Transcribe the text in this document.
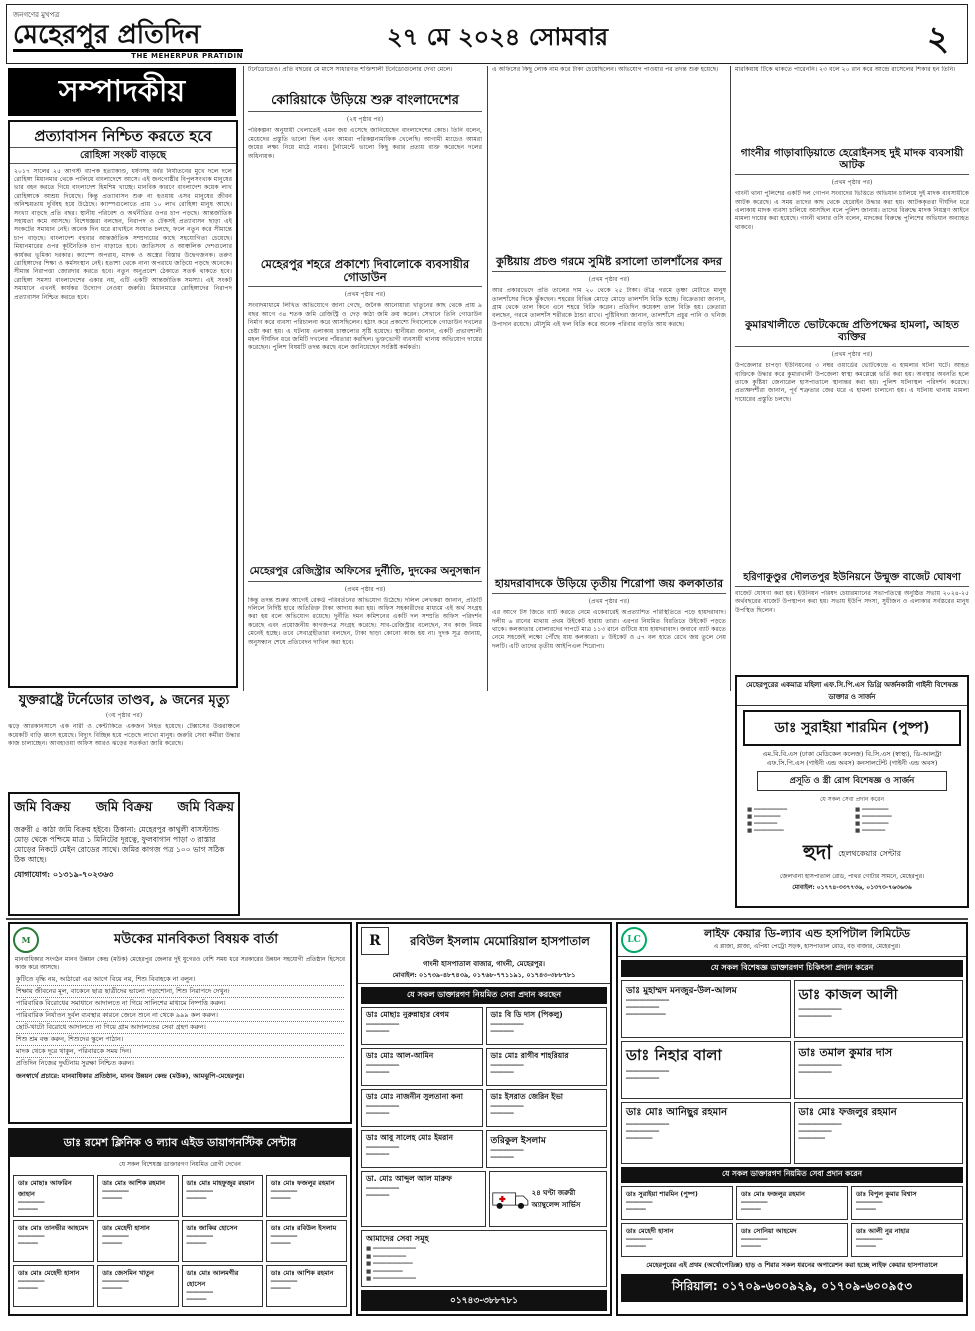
জনগণের মুখপত্র
মেহেরপুর প্রতিদিন
THE MEHERPUR PRATIDIN
২৭ মে ২০২৪ সোমবার	২
সম্পাদকীয়
প্রত্যাবাসন নিশ্চিত করতে হবে
রোহিঙ্গা সংকট বাড়ছে
২০১৭ সালের ২৫ আগস্ট ব্যাপক হত্যাকাণ্ড, ধর্ষণসহ বর্বর নির্যাতনের মুখে দলে দলে রোহিঙ্গা মিয়ানমার থেকে পালিয়ে বাংলাদেশে আসে। এই জনগোষ্ঠীর বিপুলসংখ্যক মানুষের ভার বহন করতে গিয়ে বাংলাদেশ হিমশিম খাচ্ছে। মানবিক কারণে বাংলাদেশ কয়েক লাখ রোহিঙ্গাকে আশ্রয় দিয়েছে। কিন্তু প্রত্যাবাসন শুরু না হওয়ায় এসব মানুষের জীবন অনিশ্চয়তায় দুর্বিষহ হয়ে উঠেছে। ক্যাম্পগুলোতে প্রায় ১০ লাখ রোহিঙ্গা মানুষ আছে। সংখ্যা বাড়ছে প্রতি বছর। স্থানীয় পরিবেশ ও অর্থনীতির ওপর চাপ পড়ছে। আন্তর্জাতিক সহায়তা কমে আসছে। বিশেষজ্ঞরা বলছেন, নিরাপদ ও টেকসই প্রত্যাবাসন ছাড়া এই সংকটের সমাধান নেই। অনেক দিন ধরে রাখাইনে সংঘাত চলছে, ফলে নতুন করে সীমান্তে চাপ বাড়ছে। বাংলাদেশ বহুবার আন্তর্জাতিক সম্প্রদায়ের কাছে সহযোগিতা চেয়েছে। মিয়ানমারের ওপর কূটনৈতিক চাপ বাড়াতে হবে। জাতিসংঘ ও আঞ্চলিক দেশগুলোর কার্যকর ভূমিকা দরকার। ক্যাম্পে অপরাধ, মাদক ও অস্ত্রের বিস্তার উদ্বেগজনক। তরুণ রোহিঙ্গাদের শিক্ষা ও কর্মসংস্থান নেই। হতাশা থেকে নানা অপরাধে জড়িয়ে পড়ছে অনেকে। সীমান্ত নিরাপত্তা জোরদার করতে হবে। নতুন অনুপ্রবেশ ঠেকাতে সতর্ক থাকতে হবে। রোহিঙ্গা সমস্যা বাংলাদেশের একার নয়, এটি একটি আন্তর্জাতিক সমস্যা। এই সংকট সমাধানে এখনই কার্যকর উদ্যোগ নেওয়া জরুরি। মিয়ানমারে রোহিঙ্গাদের নিরাপদ প্রত্যাবাসন নিশ্চিত করতে হবে।
যুক্তরাষ্ট্রে টর্নেডোর তাণ্ডব, ৯ জনের মৃত্যু
(৩য় পৃষ্ঠার পর)
ঝড়ে আরকানসাসে এক নারী ও কেন্টাকিতে একজন নিহত হয়েছে। টেক্সাসের উত্তরাঞ্চলে কয়েকটি বাড়ি ধ্বংস হয়েছে। বিদ্যুৎ বিচ্ছিন্ন হয়ে পড়েছে লাখো মানুষ। জরুরি সেবা কর্মীরা উদ্ধার কাজ চালাচ্ছেন। আবহাওয়া অফিস আরও ঝড়ের সতর্কতা জারি করেছে।
জমি বিক্রয় জমি বিক্রয় জমি বিক্রয়
জরুরী ৫ কাঠা জমি বিক্রয় হইবে। ঠিকানা: মেহেরপুর কাথুলী বাসস্ট্যান্ড মোড় থেকে পশ্চিমে মাত্র ১ মিনিটের দূরত্বে, ফুলবাগান পাড়া ৩ রাস্তার মোড়ের নিকটে মেইন রোডের সাথে। জমির কাগজ পত্র ১০০ ভাগ সঠিক ঠিক আছে।
যোগাযোগ: ০১৩১৯-৭০২৩৬৩
টর্নেডোতেও। প্রতি বছরের মে মাসে সাধারণত শক্তিশালী টর্নেডোগুলোর দেখা মেলে।
কোরিয়াকে উড়িয়ে শুরু বাংলাদেশের
(২য় পৃষ্ঠার পর)
পরিকল্পনা অনুযায়ী খেলাতেই এমন জয় এসেছে জানিয়েছেন বাংলাদেশের কোচ। তিনি বলেন, মেয়েদের প্রস্তুতি ভালো ছিল এবং আমরা পরিকল্পনামাফিক খেলেছি। আগামী ম্যাচেও আমরা জয়ের লক্ষ্য নিয়ে মাঠে নামব। টুর্নামেন্টে ভালো কিছু করার প্রত্যয় ব্যক্ত করেছেন দলের অধিনায়ক।
মেহেরপুর শহরে প্রকাশ্যে দিবালোকে ব্যবসায়ীর গোডাউন
(প্রথম পৃষ্ঠার পর)
সংবাদমাধ্যমে লিখিত অভিযোগে জানা গেছে, জনৈক আনোয়ারা খাতুনের কাছ থেকে প্রায় ৯ বছর আগে ৩৪ শতক জমি রেজিস্ট্রি ও দেড় কাঠা জমি ক্রয় করেন। সেখানে তিনি গোডাউন নির্মাণ করে ব্যবসা পরিচালনা করে আসছিলেন। হঠাৎ করে প্রকাশ্যে দিবালোকে গোডাউন দখলের চেষ্টা করা হয়। এ ঘটনায় এলাকায় চাঞ্চল্যের সৃষ্টি হয়েছে। স্থানীয়রা জানান, একটি প্রভাবশালী মহল দীর্ঘদিন ধরে জমিটি দখলের পাঁয়তারা করছিল। ভুক্তভোগী ব্যবসায়ী থানায় অভিযোগ দায়ের করেছেন। পুলিশ বিষয়টি তদন্ত করছে বলে জানিয়েছেন সংশ্লিষ্ট কর্মকর্তা।
মেহেরপুর রেজিস্ট্রার অফিসের দুর্নীতি, দুদকের অনুসন্ধান
(প্রথম পৃষ্ঠার পর)
কিন্তু তদন্ত শুরুর আগেই রেকর্ড পরিবর্তনের অভিযোগ উঠেছে। দলিল লেখকরা জানান, প্রতিটি দলিলে নির্দিষ্ট হারে অতিরিক্ত টাকা আদায় করা হয়। অফিস সহকারীদের মাধ্যমে এই অর্থ সংগ্রহ করা হয় বলে অভিযোগ রয়েছে। দুর্নীতি দমন কমিশনের একটি দল সম্প্রতি অফিস পরিদর্শন করেছে এবং প্রয়োজনীয় কাগজপত্র সংগ্রহ করেছে। সাব-রেজিস্ট্রার বলেছেন, সব কাজ নিয়ম মেনেই হচ্ছে। তবে সেবাগ্রহীতারা বলছেন, টাকা ছাড়া কোনো কাজ হয় না। দুদক সূত্র জানায়, অনুসন্ধান শেষে প্রতিবেদন দাখিল করা হবে।
এ অফিসের কিছু লোক নাম করে টাকা চেয়েছিলেন। অভিযোগ পাওয়ার পর তদন্ত শুরু হয়েছে।
কুষ্টিয়ায় প্রচণ্ড গরমে সুমিষ্ট রসালো তালশাঁসের কদর
(প্রথম পৃষ্ঠার পর)
আর প্রকারভেদে প্রতি তালের দাম ২০ থেকে ২৫ টাকা। তীব্র গরমে তৃষ্ণা মেটাতে মানুষ তালশাঁসের দিকে ঝুঁকছেন। শহরের বিভিন্ন মোড়ে মোড়ে তালশাঁস বিক্রি হচ্ছে। বিক্রেতারা জানান, গ্রাম থেকে তাল কিনে এনে শহরে বিক্রি করেন। প্রতিদিন কয়েকশ তাল বিক্রি হয়। ক্রেতারা বলছেন, গরমে তালশাঁস শরীরকে ঠান্ডা রাখে। পুষ্টিবিদরা জানান, তালশাঁসে প্রচুর পানি ও খনিজ উপাদান রয়েছে। মৌসুমি এই ফল বিক্রি করে অনেক পরিবার বাড়তি আয় করছে।
হায়দরাবাদকে উড়িয়ে তৃতীয় শিরোপা জয় কলকাতার
(প্রথম পৃষ্ঠার পর)
এর আগে টস জিতে ব্যাট করতে নেমে একেবারেই অপ্রত্যাশিত পরিস্থিতিতে পড়ে হায়দরাবাদ। দলীয় ৬ রানের মাথায় প্রথম উইকেট হারায় তারা। এরপর নিয়মিত বিরতিতে উইকেট পড়তে থাকে। কলকাতার বোলারদের দাপটে মাত্র ১১৩ রানে গুটিয়ে যায় হায়দরাবাদ। জবাবে ব্যাট করতে নেমে সহজেই লক্ষ্যে পৌঁছে যায় কলকাতা। ৮ উইকেট ও ৫৭ বল হাতে রেখে জয় তুলে নেয় দলটি। এটি তাদের তৃতীয় আইপিএল শিরোপা।
মারকিয়ায় টিকে থাকতে পারেননি। ২৩ বলে ২০ রান করে আন্দ্রে রাসেলের শিকার হন তিনি।
গাংনীর গাড়াবাড়িয়াতে হেরোইনসহ দুই মাদক ব্যবসায়ী আটক
(প্রথম পৃষ্ঠার পর)
গাংনী থানা পুলিশের একটি দল গোপন সংবাদের ভিত্তিতে অভিযান চালিয়ে দুই মাদক ব্যবসায়ীকে আটক করেছে। এ সময় তাদের কাছ থেকে হেরোইন উদ্ধার করা হয়। আটককৃতরা দীর্ঘদিন ধরে এলাকায় মাদক ব্যবসা চালিয়ে আসছিল বলে পুলিশ জানায়। তাদের বিরুদ্ধে মাদক নিয়ন্ত্রণ আইনে মামলা দায়ের করা হয়েছে। গাংনী থানার ওসি বলেন, মাদকের বিরুদ্ধে পুলিশের অভিযান অব্যাহত থাকবে।
কুমারখালীতে ভোটকেন্দ্রে প্রতিপক্ষের হামলা, আহত ব্যক্তির
(প্রথম পৃষ্ঠার পর)
উপজেলার চাপড়া ইউনিয়নের ৩ নম্বর ওয়ার্ডের ভোটকেন্দ্রে এ হামলার ঘটনা ঘটে। আহত ব্যক্তিকে উদ্ধার করে কুমারখালী উপজেলা স্বাস্থ্য কমপ্লেক্সে ভর্তি করা হয়। অবস্থার অবনতি হলে তাকে কুষ্টিয়া জেনারেল হাসপাতালে স্থানান্তর করা হয়। পুলিশ ঘটনাস্থল পরিদর্শন করেছে। প্রত্যক্ষদর্শীরা জানান, পূর্ব শত্রুতার জের ধরে এ হামলা চালানো হয়। এ ঘটনায় থানায় মামলা দায়েরের প্রস্তুতি চলছে।
হরিণাকুণ্ডুর দৌলতপুর ইউনিয়নে উন্মুক্ত বাজেট ঘোষণা
বাজেট ঘোষণা করা হয়। ইউনিয়ন পরিষদ চেয়ারম্যানের সভাপতিত্বে অনুষ্ঠিত সভায় ২০২৪-২৫ অর্থবছরের বাজেট উপস্থাপন করা হয়। সভায় ইউপি সদস্য, সুধীজন ও এলাকার সর্বস্তরের মানুষ উপস্থিত ছিলেন।
মেহেরপুরের একমাত্র মহিলা এফ.সি.পি.এস ডিগ্রি অর্জনকারী গাইনী বিশেষজ্ঞ ডাক্তার ও সার্জন
ডাঃ সুরাইয়া শারমিন (পুষ্প)
এম.বি.বি.এস (ঢাকা মেডিকেল কলেজ) বি.সি.এস (স্বাস্থ্য), ডি-আলট্রা এফ.সি.পি.এস (গাইনী এন্ড অবস) কনসালটেন্ট (গাইনী এন্ড অবস)
প্রসূতি ও স্ত্রী রোগ বিশেষজ্ঞ ও সার্জন
যে সকল সেবা প্রদান করেন
■ ━━━━━━━━━━	■ ━━━━━━━━
■ ━━━━━━━━	■ ━━━━━━━━━
■ ━━━━━━━	■ ━━━━━━━━
■ ━━━━━━━━━	■ ━━━━━━━
হুদা হেলথকেয়ার সেন্টার
জেলখানা হাসপাতাল রোড, পাথর গোটার সামনে, মেহেরপুর।
মোবাইল: ০১৭৭৪-৩৩৭৭৩৬, ০১৩৭৩-৭৬৩৬৩৬
M	মউকের মানবিকতা বিষয়ক বার্তা
মানবাধিকার সংগঠন মানব উন্নয়ন কেন্দ্র (মউক) মেহেরপুর জেলার দুই যুগেরও বেশি সময় ধরে সরকারের উন্নয়ন সহযোগী প্রতিষ্ঠান হিসেবে কাজ করে আসছে।
কুটিতে বৃদ্ধি নয়, আঠারো এর আগে বিয়ে নয়, শিশু বিবাহকে না বলুন।
শিক্ষায় জীবনের মূল, বাকেনে ছাত্র ছাত্রীদের ভালো পড়াশোনা, শিশু নিরাপদে দেখুন।
পারিবারিক বিরোধের সমাধানে আদালতে না গিয়ে সালিশের মাধ্যমে নিষ্পত্তি করুন।
পারিবারিক নির্যাতন দুর্বল ব্যবস্থার কারনে জেনে শুনে না থেকে ৯৯৯ কল করুন।
ছোট-খাটো বিরোধে আদালতে না গিয়ে গ্রাম আদালতের সেবা গ্রহণ করুন।
শিশু শ্রম বন্ধ করুন, শিশুদের স্কুলে পাঠান।
মাদক থেকে দূরে থাকুন, পরিবারকে সময় দিন।
প্রতিদিন নিজের দুর্ঘটনায় সুরক্ষা নিশ্চিত করুন।
জনস্বার্থে প্রচারে: মানবাধিকার প্রতিষ্ঠান, মানব উন্নয়ন কেন্দ্র (মউক), আমঝুপি-মেহেরপুর।
ডাঃ রমেশ ক্লিনিক ও ল্যাব এইড ডায়াগনস্টিক সেন্টার
যে সকল বিশেষজ্ঞ ডাক্তারগণ নিয়মিত রোগী দেখেন
ডাঃ মোছাঃ আফরিন জাহান
━━━━━━━━
━━━━━━
ডাঃ মোঃ আশিক রহমান
━━━━━━━━
━━━━━━
ডাঃ মোঃ মাহফুজুর রহমান
━━━━━━━━
━━━━━━
ডাঃ মোঃ ফজলুর রহমান
━━━━━━━━
━━━━━━
ডাঃ মোঃ তানভীর আহমেদ
━━━━━━━━
━━━━━━
ডাঃ মেহেদী হাসান
━━━━━━━━
━━━━━━
ডাঃ জাকির হোসেন
━━━━━━━━
━━━━━━
ডাঃ মোঃ রবিউল ইসলাম
━━━━━━━━
━━━━━━
ডাঃ মোঃ মেহেদী হাসান
━━━━━━━━
━━━━━━
ডাঃ জেসমিন খাতুন
━━━━━━━━
━━━━━━
ডাঃ মোঃ আলমগীর হোসেন
━━━━━━━━
━━━━━━
ডাঃ মোঃ আশিক রহমান
━━━━━━━━
━━━━━━
R	রবিউল ইসলাম মেমোরিয়াল হাসপাতাল
গাংনী হাসপাতাল বাজার, গাংনী, মেহেরপুর।
মোবাইল: ০১৭৩৯-৪৮৭৪৩৯, ০১৭৬৮-৭৭১১৯১, ০১৭৪৩-৩৮৮৭৮১
যে সকল ডাক্তারগণ নিয়মিত সেবা প্রদান করছেন
ডাঃ মোছাঃ নুরুন্নাহার বেগম
━━━━━━━━━━
━━━━━━━
ডাঃ বি ডি দাস (পিকলু)
━━━━━━━━━━
━━━━━━━
ডাঃ মোঃ আল-আমিন
━━━━━━━━━━
━━━━━━━
ডাঃ মোঃ রাগীব শাহরিয়ার
━━━━━━━━━━
━━━━━━━
ডাঃ মোঃ নাজনীন সুলতানা কনা
━━━━━━━━━━
━━━━━━━
ডাঃ ইসরাত জেরিন ইভা
━━━━━━━━━━
━━━━━━━
ডাঃ আবু সালেহ মোঃ ইমরান
━━━━━━━━━━
━━━━━━━
তরিকুল ইসলাম
━━━━━━━━━━
━━━━━━━
ডা. মোঃ আব্দুল আল মারুফ
━━━━━━━━━━
━━━━━━━	২৪ ঘণ্টা জরুরী অ্যাম্বুলেন্স সার্ভিস
আমাদের সেবা সমূহ
■ ━━━━━━━━━━━━━
■ ━━━━━━━━━━
■ ━━━━━━━━━━━━
■ ━━━━━━━━━
■ ━━━━━━━━━━━━━
০১৭৪৩-৩৮৮৭৮১
LC	লাইফ কেয়ার ডি-ল্যাব এন্ড হসপিটাল লিমিটেড
এ প্লাজা, প্লাজা, এপিয়া পেট্রো সড়ক, হাসপাতাল রোড, বড় বাজার, মেহেরপুর।
যে সকল বিশেষজ্ঞ ডাক্তারগণ চিকিৎসা প্রদান করেন
ডাঃ মুহাম্মদ মনজুর-উল-আলম
━━━━━━━━━━━━━
━━━━━━━━━━
━━━━━━━━━━━━
ডাঃ কাজল আলী
━━━━━━━━━━━━━
━━━━━━━━━━
ডাঃ নিহার বালা
━━━━━━━━━━━━━
━━━━━━━━━━
ডাঃ তমাল কুমার দাস
━━━━━━━━━━━━━
━━━━━━━━━━
ডাঃ মোঃ আনিছুর রহমান
━━━━━━━━━━━━━
━━━━━━━━━━
━━━━━━━━
ডাঃ মোঃ ফজলুর রহমান
━━━━━━━━━━━━━
━━━━━━━━━━
━━━━━━━━
যে সকল ডাক্তারগণ নিয়মিত সেবা প্রদান করেন
ডাঃ সুরাইয়া শারমিন (পুষ্প)
━━━━━━━━
━━━━━━
ডাঃ মোঃ ফজলুর রহমান
━━━━━━━━
━━━━━━
ডাঃ বিপুল কুমার বিশ্বাস
━━━━━━━━
━━━━━━
ডাঃ মেহেদী হাসান
━━━━━━━━
━━━━━━
ডাঃ সোনিয়া আহমেদ
━━━━━━━━
━━━━━━
ডাঃ আলী নুর নাহার
━━━━━━━━
━━━━━━
মেহেরপুরের এই প্রথম (অর্থোপেডিক্স) হাড় ও শিরার সকল ধরনের অপারেশন করা হচ্ছে লাইফ কেয়ার হাসপাতালে
সিরিয়াল: ০১৭০৯-৬০০৯২৯, ০১৭০৯-৬০০৯৫৩
